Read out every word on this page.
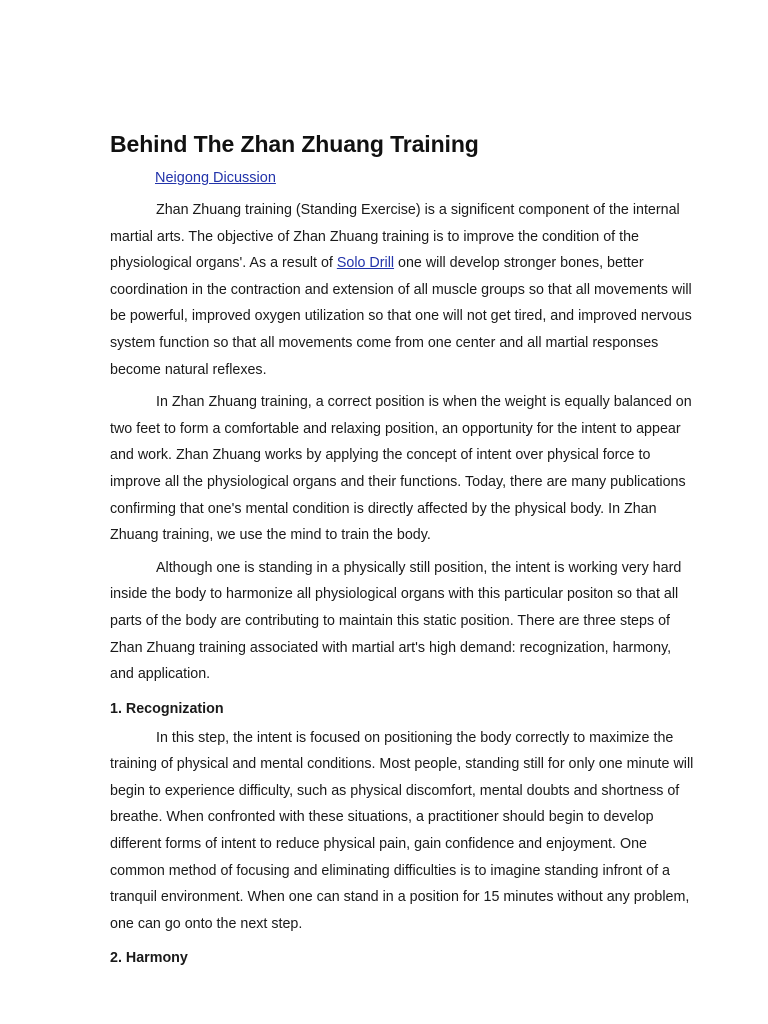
Behind The Zhan Zhuang Training
Neigong Dicussion

Zhan Zhuang training (Standing Exercise) is a significent component of the internal martial arts. The objective of Zhan Zhuang training is to improve the condition of the physiological organs'. As a result of Solo Drill one will develop stronger bones, better coordination in the contraction and extension of all muscle groups so that all movements will be powerful, improved oxygen utilization so that one will not get tired, and improved nervous system function so that all movements come from one center and all martial responses become natural reflexes.

In Zhan Zhuang training, a correct position is when the weight is equally balanced on two feet to form a comfortable and relaxing position, an opportunity for the intent to appear and work. Zhan Zhuang works by applying the concept of intent over physical force to improve all the physiological organs and their functions. Today, there are many publications confirming that one's mental condition is directly affected by the physical body. In Zhan Zhuang training, we use the mind to train the body.

Although one is standing in a physically still position, the intent is working very hard inside the body to harmonize all physiological organs with this particular positon so that all parts of the body are contributing to maintain this static position. There are three steps of Zhan Zhuang training associated with martial art's high demand: recognization, harmony, and application.

1. Recognization

In this step, the intent is focused on positioning the body correctly to maximize the training of physical and mental conditions. Most people, standing still for only one minute will begin to experience difficulty, such as physical discomfort, mental doubts and shortness of breathe. When confronted with these situations, a practitioner should begin to develop different forms of intent to reduce physical pain, gain confidence and enjoyment. One common method of focusing and eliminating difficulties is to imagine standing infront of a tranquil environment. When one can stand in a position for 15 minutes without any problem, one can go onto the next step.

2. Harmony
